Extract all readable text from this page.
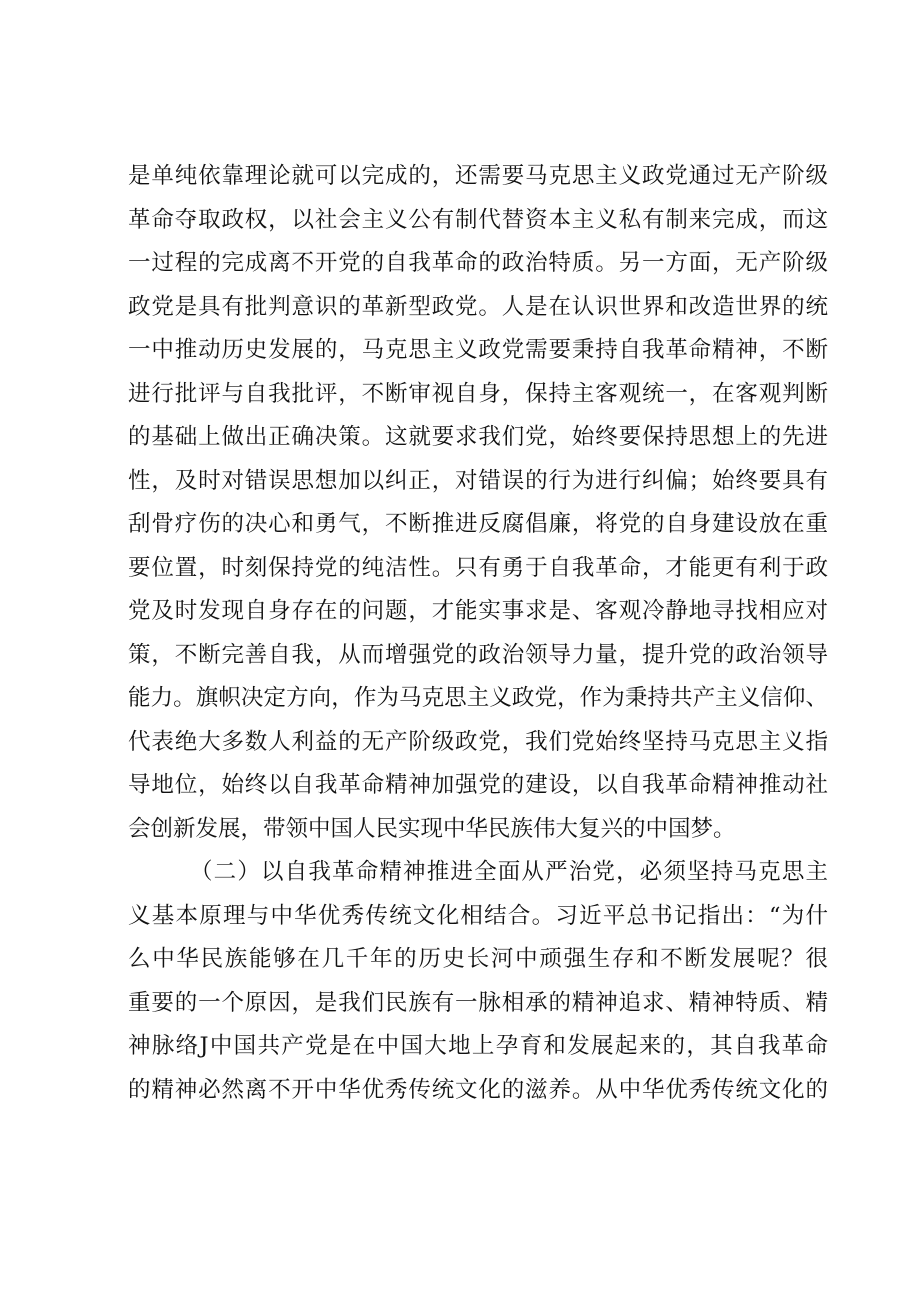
是单纯依靠理论就可以完成的，还需要马克思主义政党通过无产阶级
革命夺取政权，以社会主义公有制代替资本主义私有制来完成，而这
一过程的完成离不开党的自我革命的政治特质。另一方面，无产阶级
政党是具有批判意识的革新型政党。人是在认识世界和改造世界的统
一中推动历史发展的，马克思主义政党需要秉持自我革命精神，不断
进行批评与自我批评，不断审视自身，保持主客观统一，在客观判断
的基础上做出正确决策。这就要求我们党，始终要保持思想上的先进
性，及时对错误思想加以纠正，对错误的行为进行纠偏；始终要具有
刮骨疗伤的决心和勇气，不断推进反腐倡廉，将党的自身建设放在重
要位置，时刻保持党的纯洁性。只有勇于自我革命，才能更有利于政
党及时发现自身存在的问题，才能实事求是、客观冷静地寻找相应对
策，不断完善自我，从而增强党的政治领导力量，提升党的政治领导
能力。旗帜决定方向，作为马克思主义政党，作为秉持共产主义信仰、
代表绝大多数人利益的无产阶级政党，我们党始终坚持马克思主义指
导地位，始终以自我革命精神加强党的建设，以自我革命精神推动社
会创新发展，带领中国人民实现中华民族伟大复兴的中国梦。
（二）以自我革命精神推进全面从严治党，必须坚持马克思主
义基本原理与中华优秀传统文化相结合。习近平总书记指出：“为什
么中华民族能够在几千年的历史长河中顽强生存和不断发展呢？很
重要的一个原因，是我们民族有一脉相承的精神追求、精神特质、精
神脉络J中国共产党是在中国大地上孕育和发展起来的，其自我革命
的精神必然离不开中华优秀传统文化的滋养。从中华优秀传统文化的
